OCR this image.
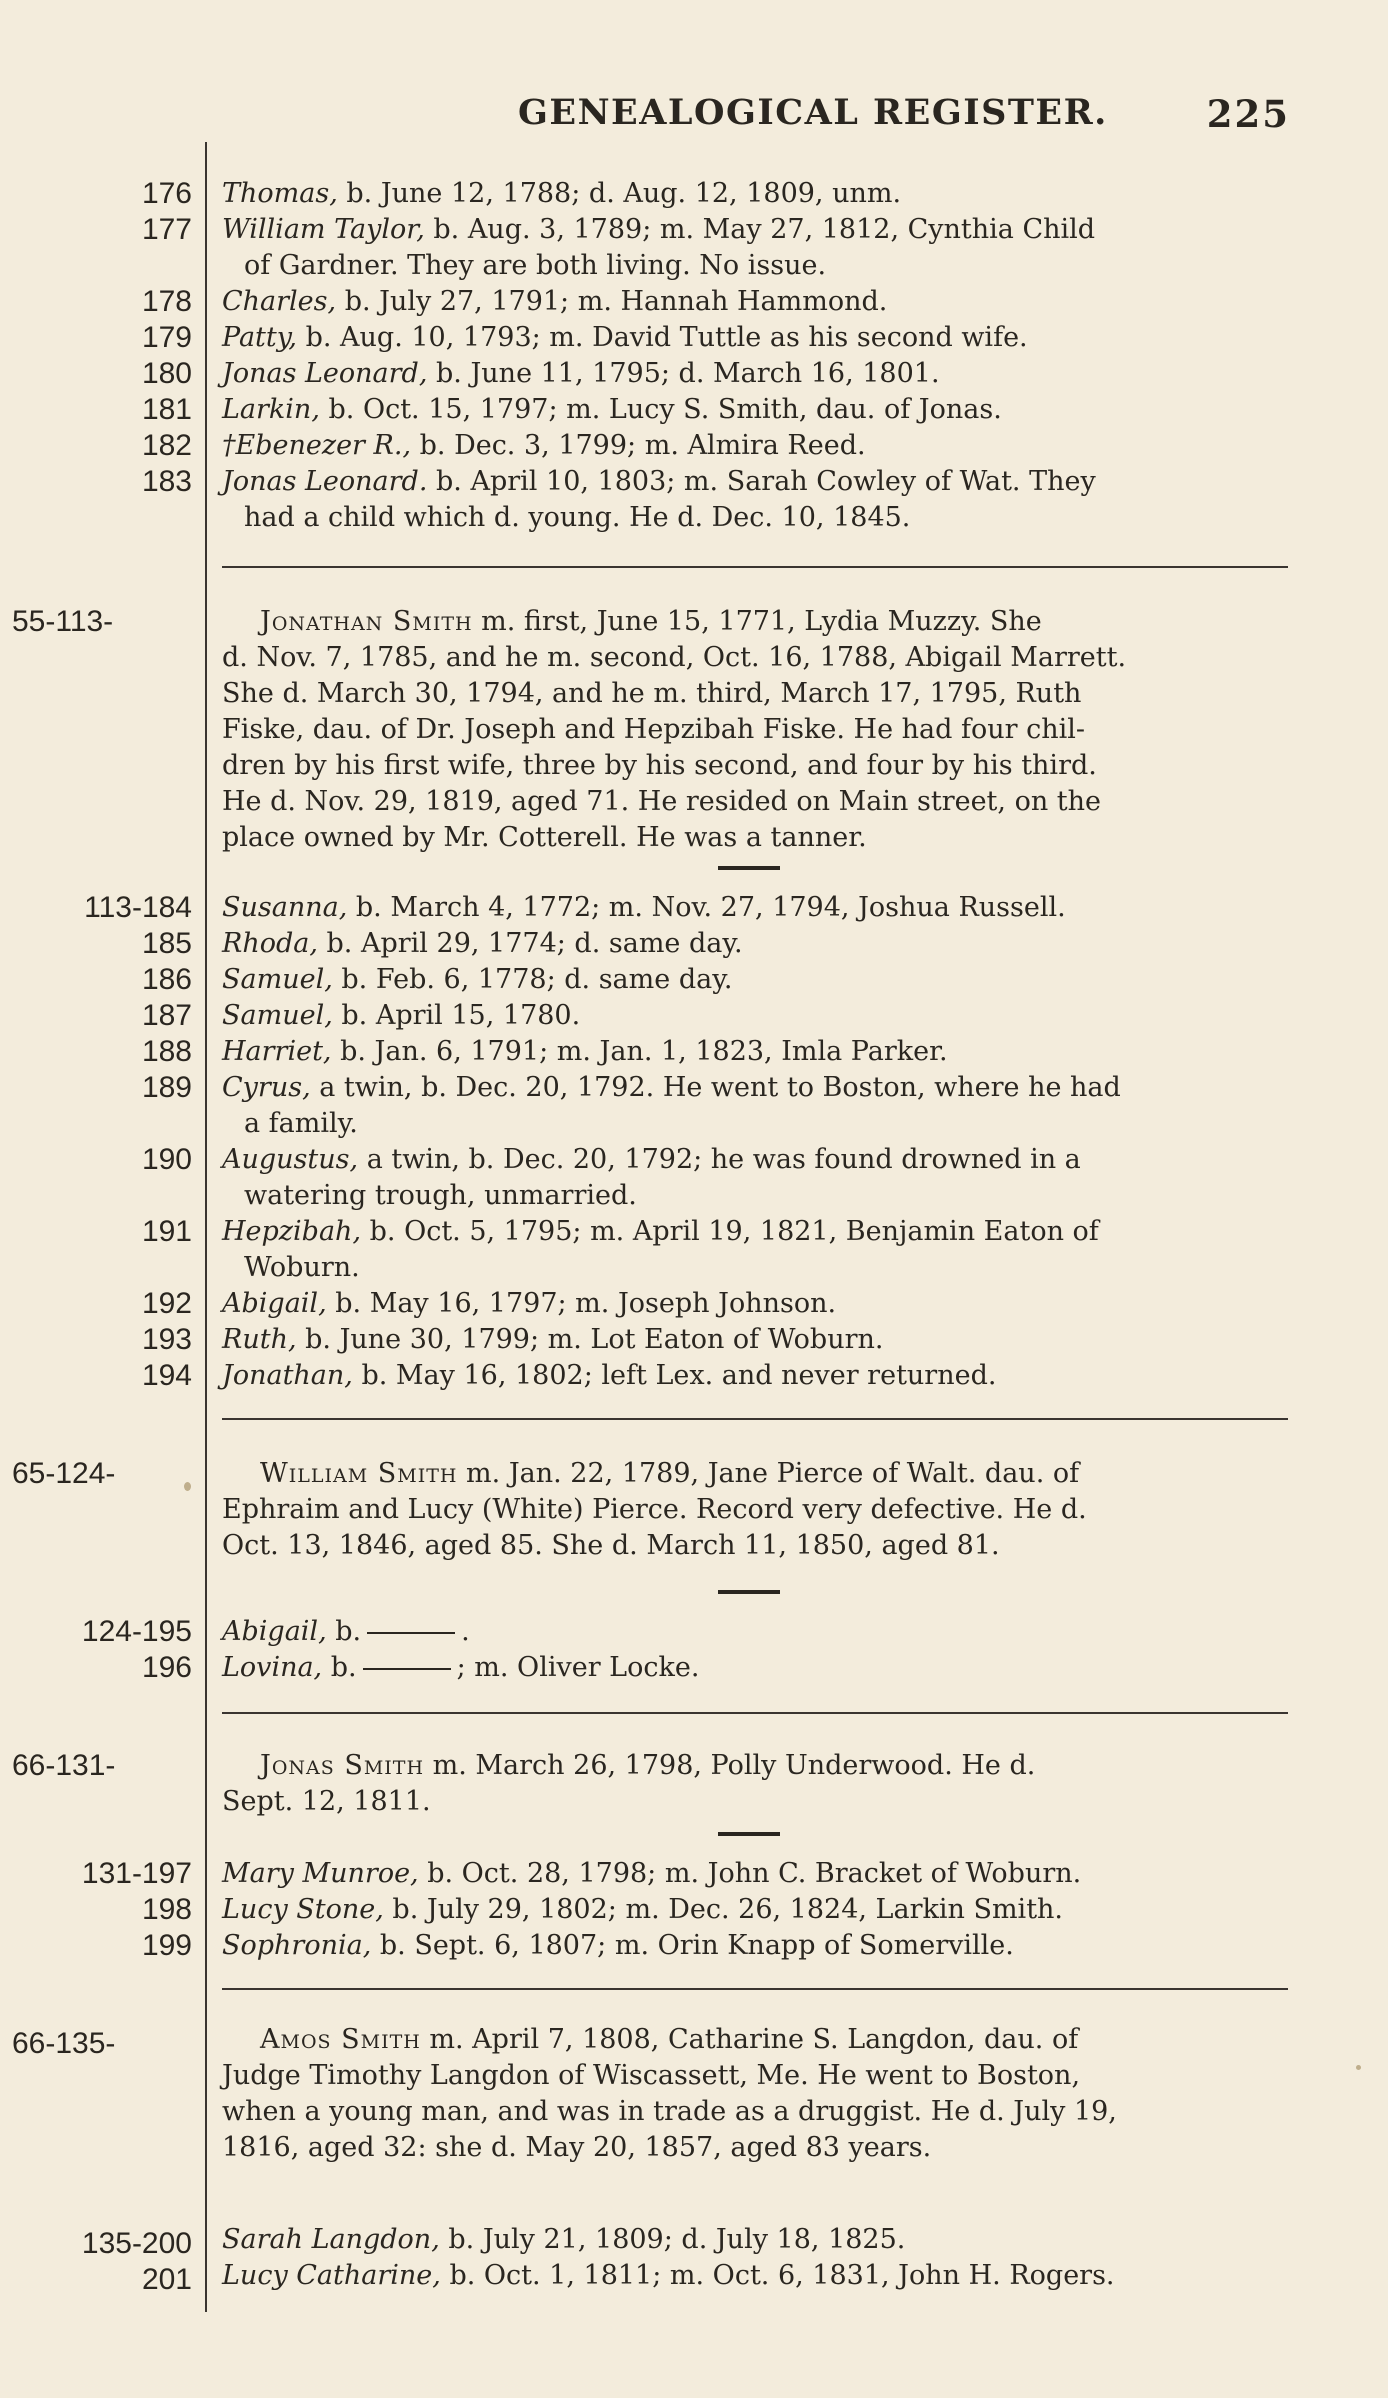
GENEALOGICAL REGISTER.	225
176 Thomas, b. June 12, 1788; d. Aug. 12, 1809, unm.
177 William Taylor, b. Aug. 3, 1789; m. May 27, 1812, Cynthia Child
of Gardner. They are both living. No issue.
178 Charles, b. July 27, 1791; m. Hannah Hammond.
179 Patty, b. Aug. 10, 1793; m. David Tuttle as his second wife.
180 Jonas Leonard, b. June 11, 1795; d. March 16, 1801.
181 Larkin, b. Oct. 15, 1797; m. Lucy S. Smith, dau. of Jonas.
182 †Ebenezer R., b. Dec. 3, 1799; m. Almira Reed.
183 Jonas Leonard. b. April 10, 1803; m. Sarah Cowley of Wat. They
had a child which d. young. He d. Dec. 10, 1845.
55-113-	Jonathan Smith m. first, June 15, 1771, Lydia Muzzy. She
d. Nov. 7, 1785, and he m. second, Oct. 16, 1788, Abigail Marrett.
She d. March 30, 1794, and he m. third, March 17, 1795, Ruth
Fiske, dau. of Dr. Joseph and Hepzibah Fiske. He had four chil-
dren by his first wife, three by his second, and four by his third.
He d. Nov. 29, 1819, aged 71. He resided on Main street, on the
place owned by Mr. Cotterell. He was a tanner.
113-184 Susanna, b. March 4, 1772; m. Nov. 27, 1794, Joshua Russell.
185 Rhoda, b. April 29, 1774; d. same day.
186 Samuel, b. Feb. 6, 1778; d. same day.
187 Samuel, b. April 15, 1780.
188 Harriet, b. Jan. 6, 1791; m. Jan. 1, 1823, Imla Parker.
189 Cyrus, a twin, b. Dec. 20, 1792. He went to Boston, where he had
a family.
190 Augustus, a twin, b. Dec. 20, 1792; he was found drowned in a
watering trough, unmarried.
191 Hepzibah, b. Oct. 5, 1795; m. April 19, 1821, Benjamin Eaton of
Woburn.
192 Abigail, b. May 16, 1797; m. Joseph Johnson.
193 Ruth, b. June 30, 1799; m. Lot Eaton of Woburn.
194 Jonathan, b. May 16, 1802; left Lex. and never returned.
65-124-	William Smith m. Jan. 22, 1789, Jane Pierce of Walt. dau. of
Ephraim and Lucy (White) Pierce. Record very defective. He d.
Oct. 13, 1846, aged 85. She d. March 11, 1850, aged 81.
124-195 Abigail, b.	.
196 Lovina, b.	; m. Oliver Locke.
66-131-	Jonas Smith m. March 26, 1798, Polly Underwood. He d.
Sept. 12, 1811.
131-197 Mary Munroe, b. Oct. 28, 1798; m. John C. Bracket of Woburn.
198 Lucy Stone, b. July 29, 1802; m. Dec. 26, 1824, Larkin Smith.
199 Sophronia, b. Sept. 6, 1807; m. Orin Knapp of Somerville.
66-135-	Amos Smith m. April 7, 1808, Catharine S. Langdon, dau. of
Judge Timothy Langdon of Wiscassett, Me. He went to Boston,
when a young man, and was in trade as a druggist. He d. July 19,
1816, aged 32: she d. May 20, 1857, aged 83 years.
135-200 Sarah Langdon, b. July 21, 1809; d. July 18, 1825.
201 Lucy Catharine, b. Oct. 1, 1811; m. Oct. 6, 1831, John H. Rogers.
